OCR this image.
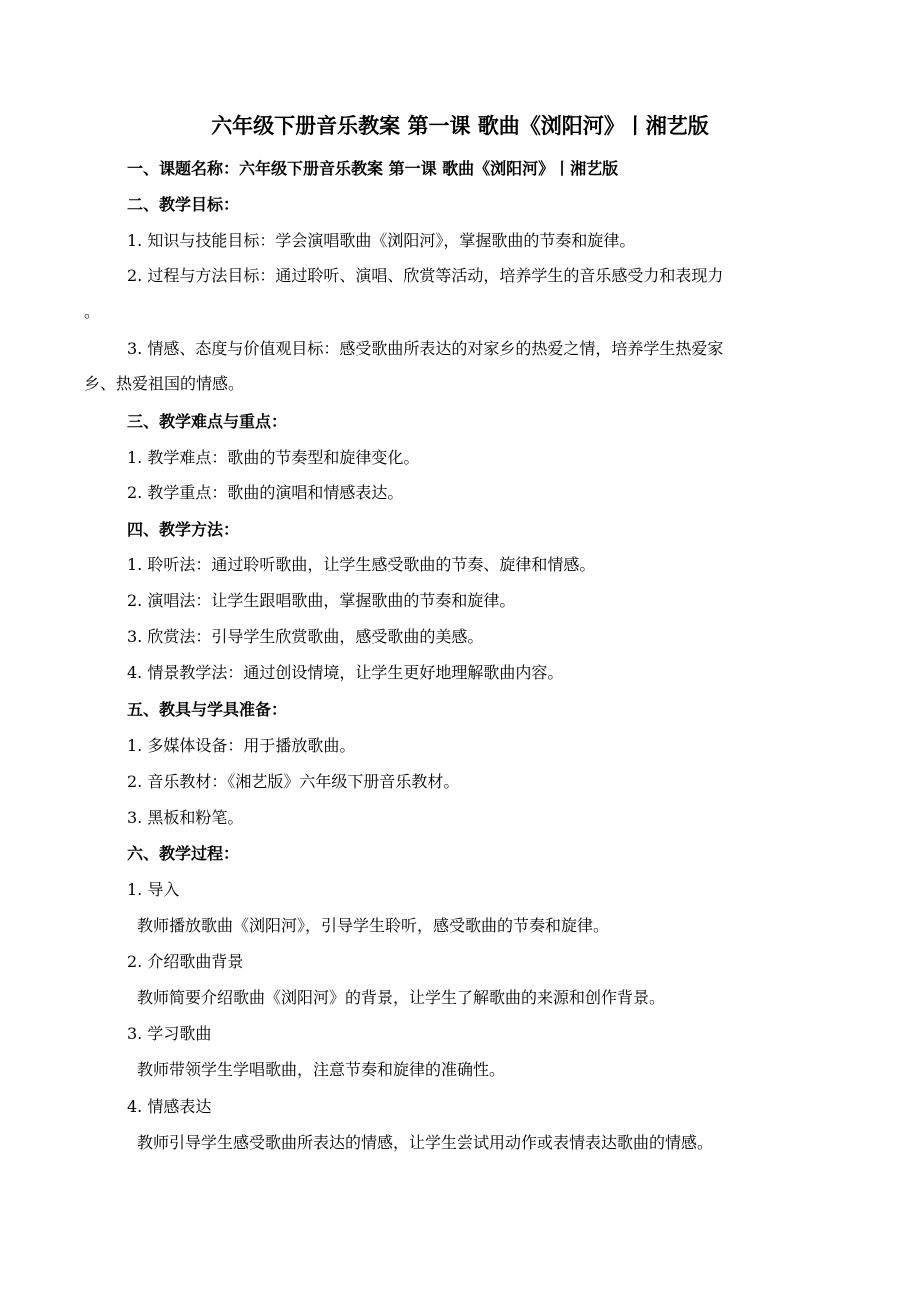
六年级下册音乐教案 第一课 歌曲《浏阳河》丨湘艺版
一、课题名称：六年级下册音乐教案 第一课 歌曲《浏阳河》丨湘艺版
二、教学目标：
1. 知识与技能目标：学会演唱歌曲《浏阳河》，掌握歌曲的节奏和旋律。
2. 过程与方法目标：通过聆听、演唱、欣赏等活动，培养学生的音乐感受力和表现力
。
3. 情感、态度与价值观目标：感受歌曲所表达的对家乡的热爱之情，培养学生热爱家
乡、热爱祖国的情感。
三、教学难点与重点：
1. 教学难点：歌曲的节奏型和旋律变化。
2. 教学重点：歌曲的演唱和情感表达。
四、教学方法：
1. 聆听法：通过聆听歌曲，让学生感受歌曲的节奏、旋律和情感。
2. 演唱法：让学生跟唱歌曲，掌握歌曲的节奏和旋律。
3. 欣赏法：引导学生欣赏歌曲，感受歌曲的美感。
4. 情景教学法：通过创设情境，让学生更好地理解歌曲内容。
五、教具与学具准备：
1. 多媒体设备：用于播放歌曲。
2. 音乐教材：《湘艺版》六年级下册音乐教材。
3. 黑板和粉笔。
六、教学过程：
1. 导入
教师播放歌曲《浏阳河》，引导学生聆听，感受歌曲的节奏和旋律。
2. 介绍歌曲背景
教师简要介绍歌曲《浏阳河》的背景，让学生了解歌曲的来源和创作背景。
3. 学习歌曲
教师带领学生学唱歌曲，注意节奏和旋律的准确性。
4. 情感表达
教师引导学生感受歌曲所表达的情感，让学生尝试用动作或表情表达歌曲的情感。
